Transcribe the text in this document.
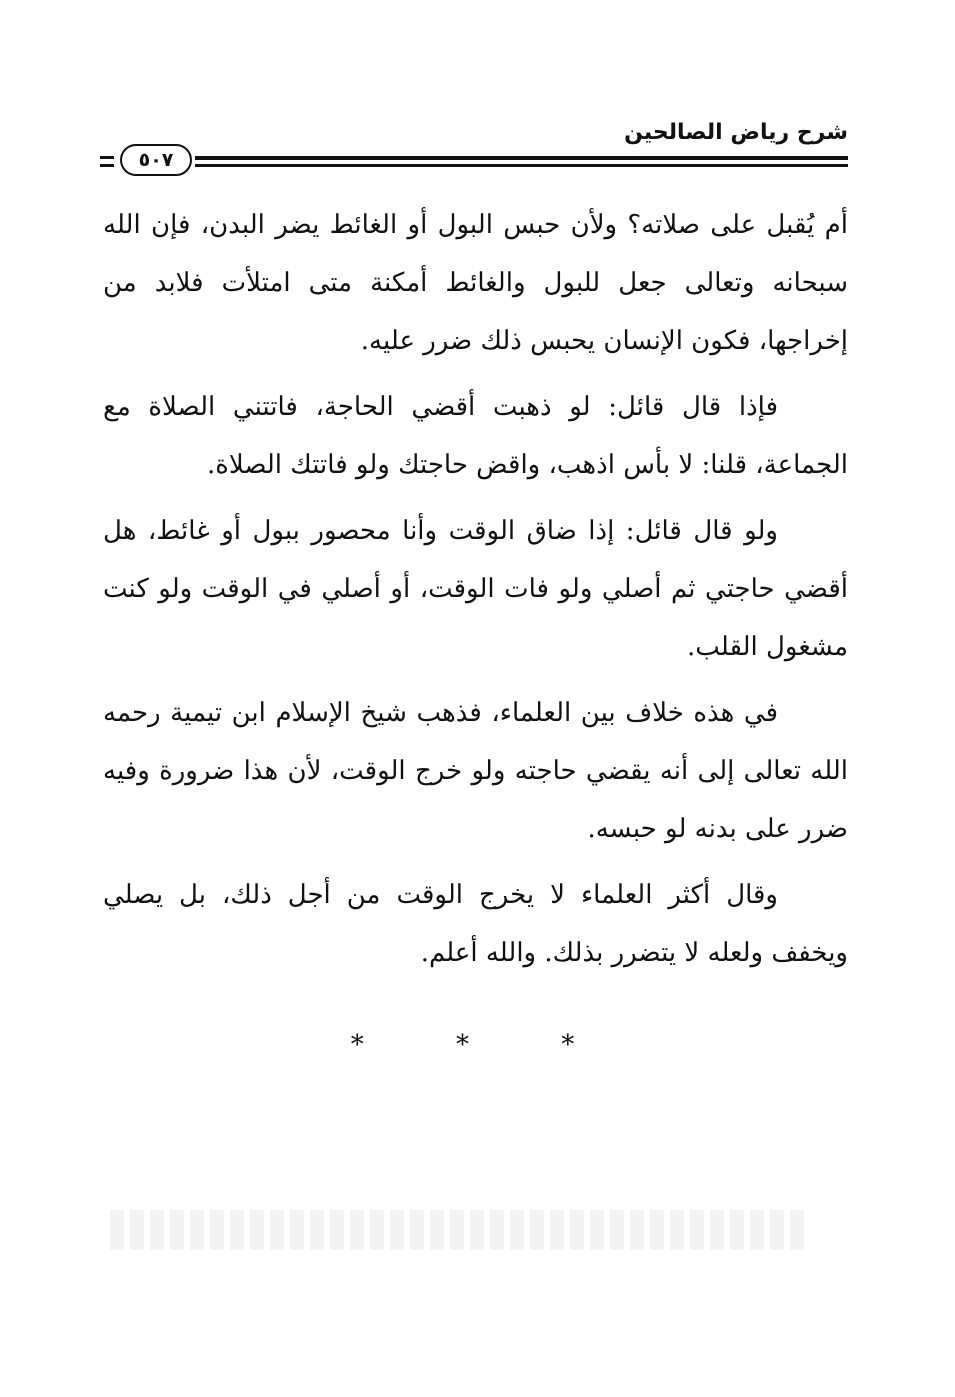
شرح رياض الصالحين
٥٠٧

أم يُقبل على صلاته؟ ولأن حبس البول أو الغائط يضر البدن، فإن الله سبحانه وتعالى جعل للبول والغائط أمكنة متى امتلأت فلابد من إخراجها، فكون الإنسان يحبس ذلك ضرر عليه.

فإذا قال قائل: لو ذهبت أقضي الحاجة، فاتتني الصلاة مع الجماعة، قلنا: لا بأس اذهب، واقض حاجتك ولو فاتتك الصلاة.

ولو قال قائل: إذا ضاق الوقت وأنا محصور ببول أو غائط، هل أقضي حاجتي ثم أصلي ولو فات الوقت، أو أصلي في الوقت ولو كنت مشغول القلب.

في هذه خلاف بين العلماء، فذهب شيخ الإسلام ابن تيمية رحمه الله تعالى إلى أنه يقضي حاجته ولو خرج الوقت، لأن هذا ضرورة وفيه ضرر على بدنه لو حبسه.

وقال أكثر العلماء لا يخرج الوقت من أجل ذلك، بل يصلي ويخفف ولعله لا يتضرر بذلك. والله أعلم.

* * *
